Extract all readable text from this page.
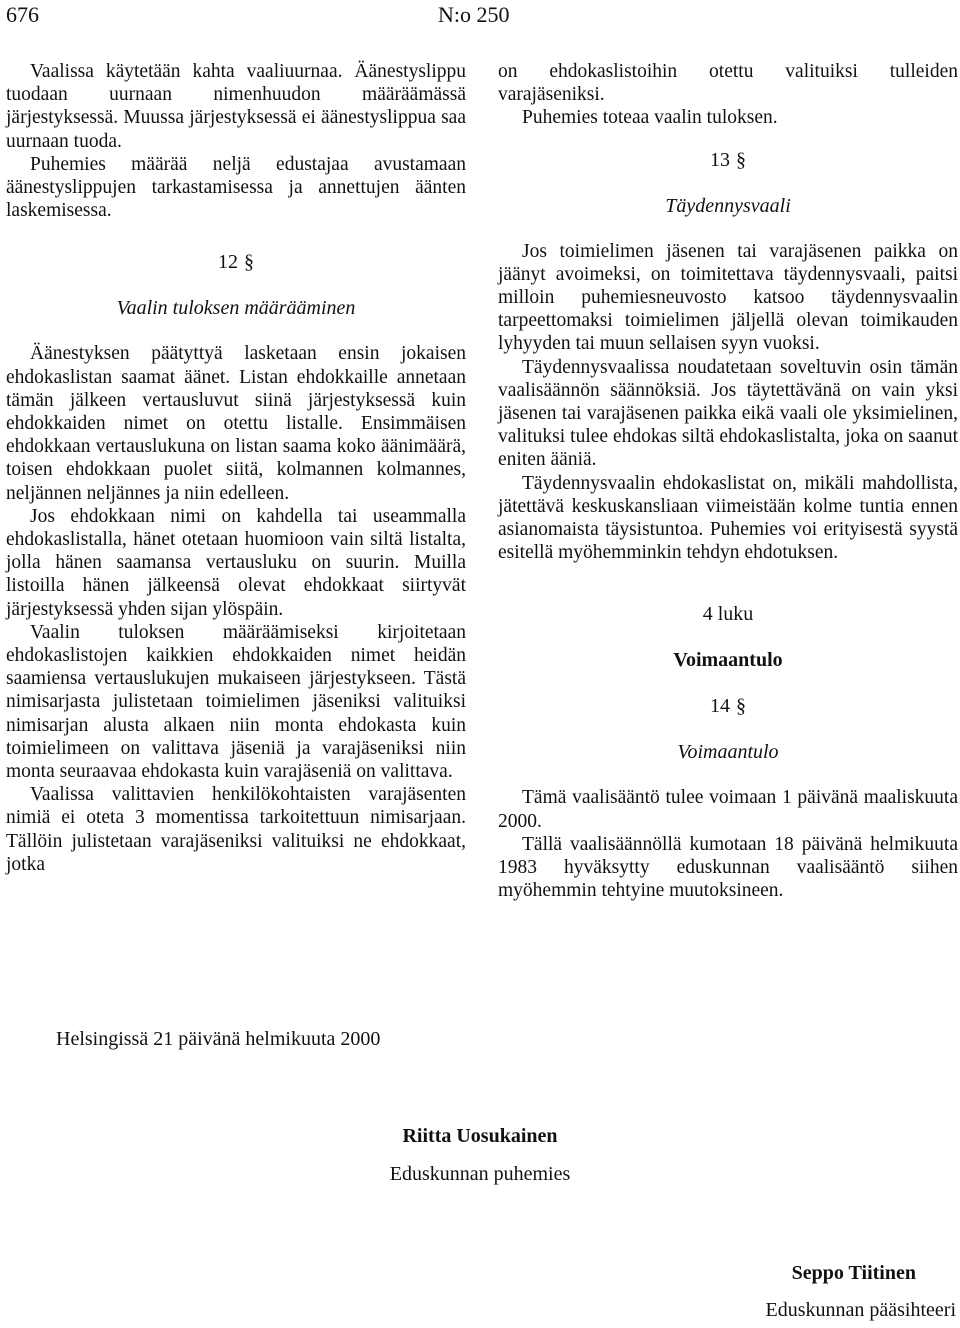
676	N:o 250

Vaalissa käytetään kahta vaaliuurnaa. Äänestyslippu tuodaan uurnaan nimenhuudon määräämässä järjestyksessä. Muussa järjestyksessä ei äänestyslippua saa uurnaan tuoda.

Puhemies määrää neljä edustajaa avustamaan äänestyslippujen tarkastamisessa ja annettujen äänten laskemisessa.

12 §
Vaalin tuloksen määrääminen

Äänestyksen päätyttyä lasketaan ensin jokaisen ehdokaslistan saamat äänet. Listan ehdokkaille annetaan tämän jälkeen vertausluvut siinä järjestyksessä kuin ehdokkaiden nimet on otettu listalle. Ensimmäisen ehdokkaan vertauslukuna on listan saama koko äänimäärä, toisen ehdokkaan puolet siitä, kolmannen kolmannes, neljännen neljännes ja niin edelleen.

Jos ehdokkaan nimi on kahdella tai useammalla ehdokaslistalla, hänet otetaan huomioon vain siltä listalta, jolla hänen saamansa vertausluku on suurin. Muilla listoilla hänen jälkeensä olevat ehdokkaat siirtyvät järjestyksessä yhden sijan ylöspäin.

Vaalin tuloksen määräämiseksi kirjoitetaan ehdokaslistojen kaikkien ehdokkaiden nimet heidän saamiensa vertauslukujen mukaiseen järjestykseen. Tästä nimisarjasta julistetaan toimielimen jäseniksi valituiksi nimisarjan alusta alkaen niin monta ehdokasta kuin toimielimeen on valittava jäseniä ja varajäseniksi niin monta seuraavaa ehdokasta kuin varajäseniä on valittava.

Vaalissa valittavien henkilökohtaisten varajäsenten nimiä ei oteta 3 momentissa tarkoitettuun nimisarjaan. Tällöin julistetaan varajäseniksi valituiksi ne ehdokkaat, jotka

on ehdokaslistoihin otettu valituiksi tulleiden varajäseniksi.

Puhemies toteaa vaalin tuloksen.

13 §
Täydennysvaali

Jos toimielimen jäsenen tai varajäsenen paikka on jäänyt avoimeksi, on toimitettava täydennysvaali, paitsi milloin puhemiesneuvosto katsoo täydennysvaalin tarpeettomaksi toimielimen jäljellä olevan toimikauden lyhyyden tai muun sellaisen syyn vuoksi.

Täydennysvaalissa noudatetaan soveltuvin osin tämän vaalisäännön säännöksiä. Jos täytettävänä on vain yksi jäsenen tai varajäsenen paikka eikä vaali ole yksimielinen, valituksi tulee ehdokas siltä ehdokaslistalta, joka on saanut eniten ääniä.

Täydennysvaalin ehdokaslistat on, mikäli mahdollista, jätettävä keskuskansliaan viimeistään kolme tuntia ennen asianomaista täysistuntoa. Puhemies voi erityisestä syystä esitellä myöhemminkin tehdyn ehdotuksen.

4 luku
Voimaantulo
14 §
Voimaantulo

Tämä vaalisääntö tulee voimaan 1 päivänä maaliskuuta 2000.

Tällä vaalisäännöllä kumotaan 18 päivänä helmikuuta 1983 hyväksytty eduskunnan vaalisääntö siihen myöhemmin tehtyine muutoksineen.

Helsingissä 21 päivänä helmikuuta 2000
Riitta Uosukainen
Eduskunnan puhemies
Seppo Tiitinen
Eduskunnan pääsihteeri
